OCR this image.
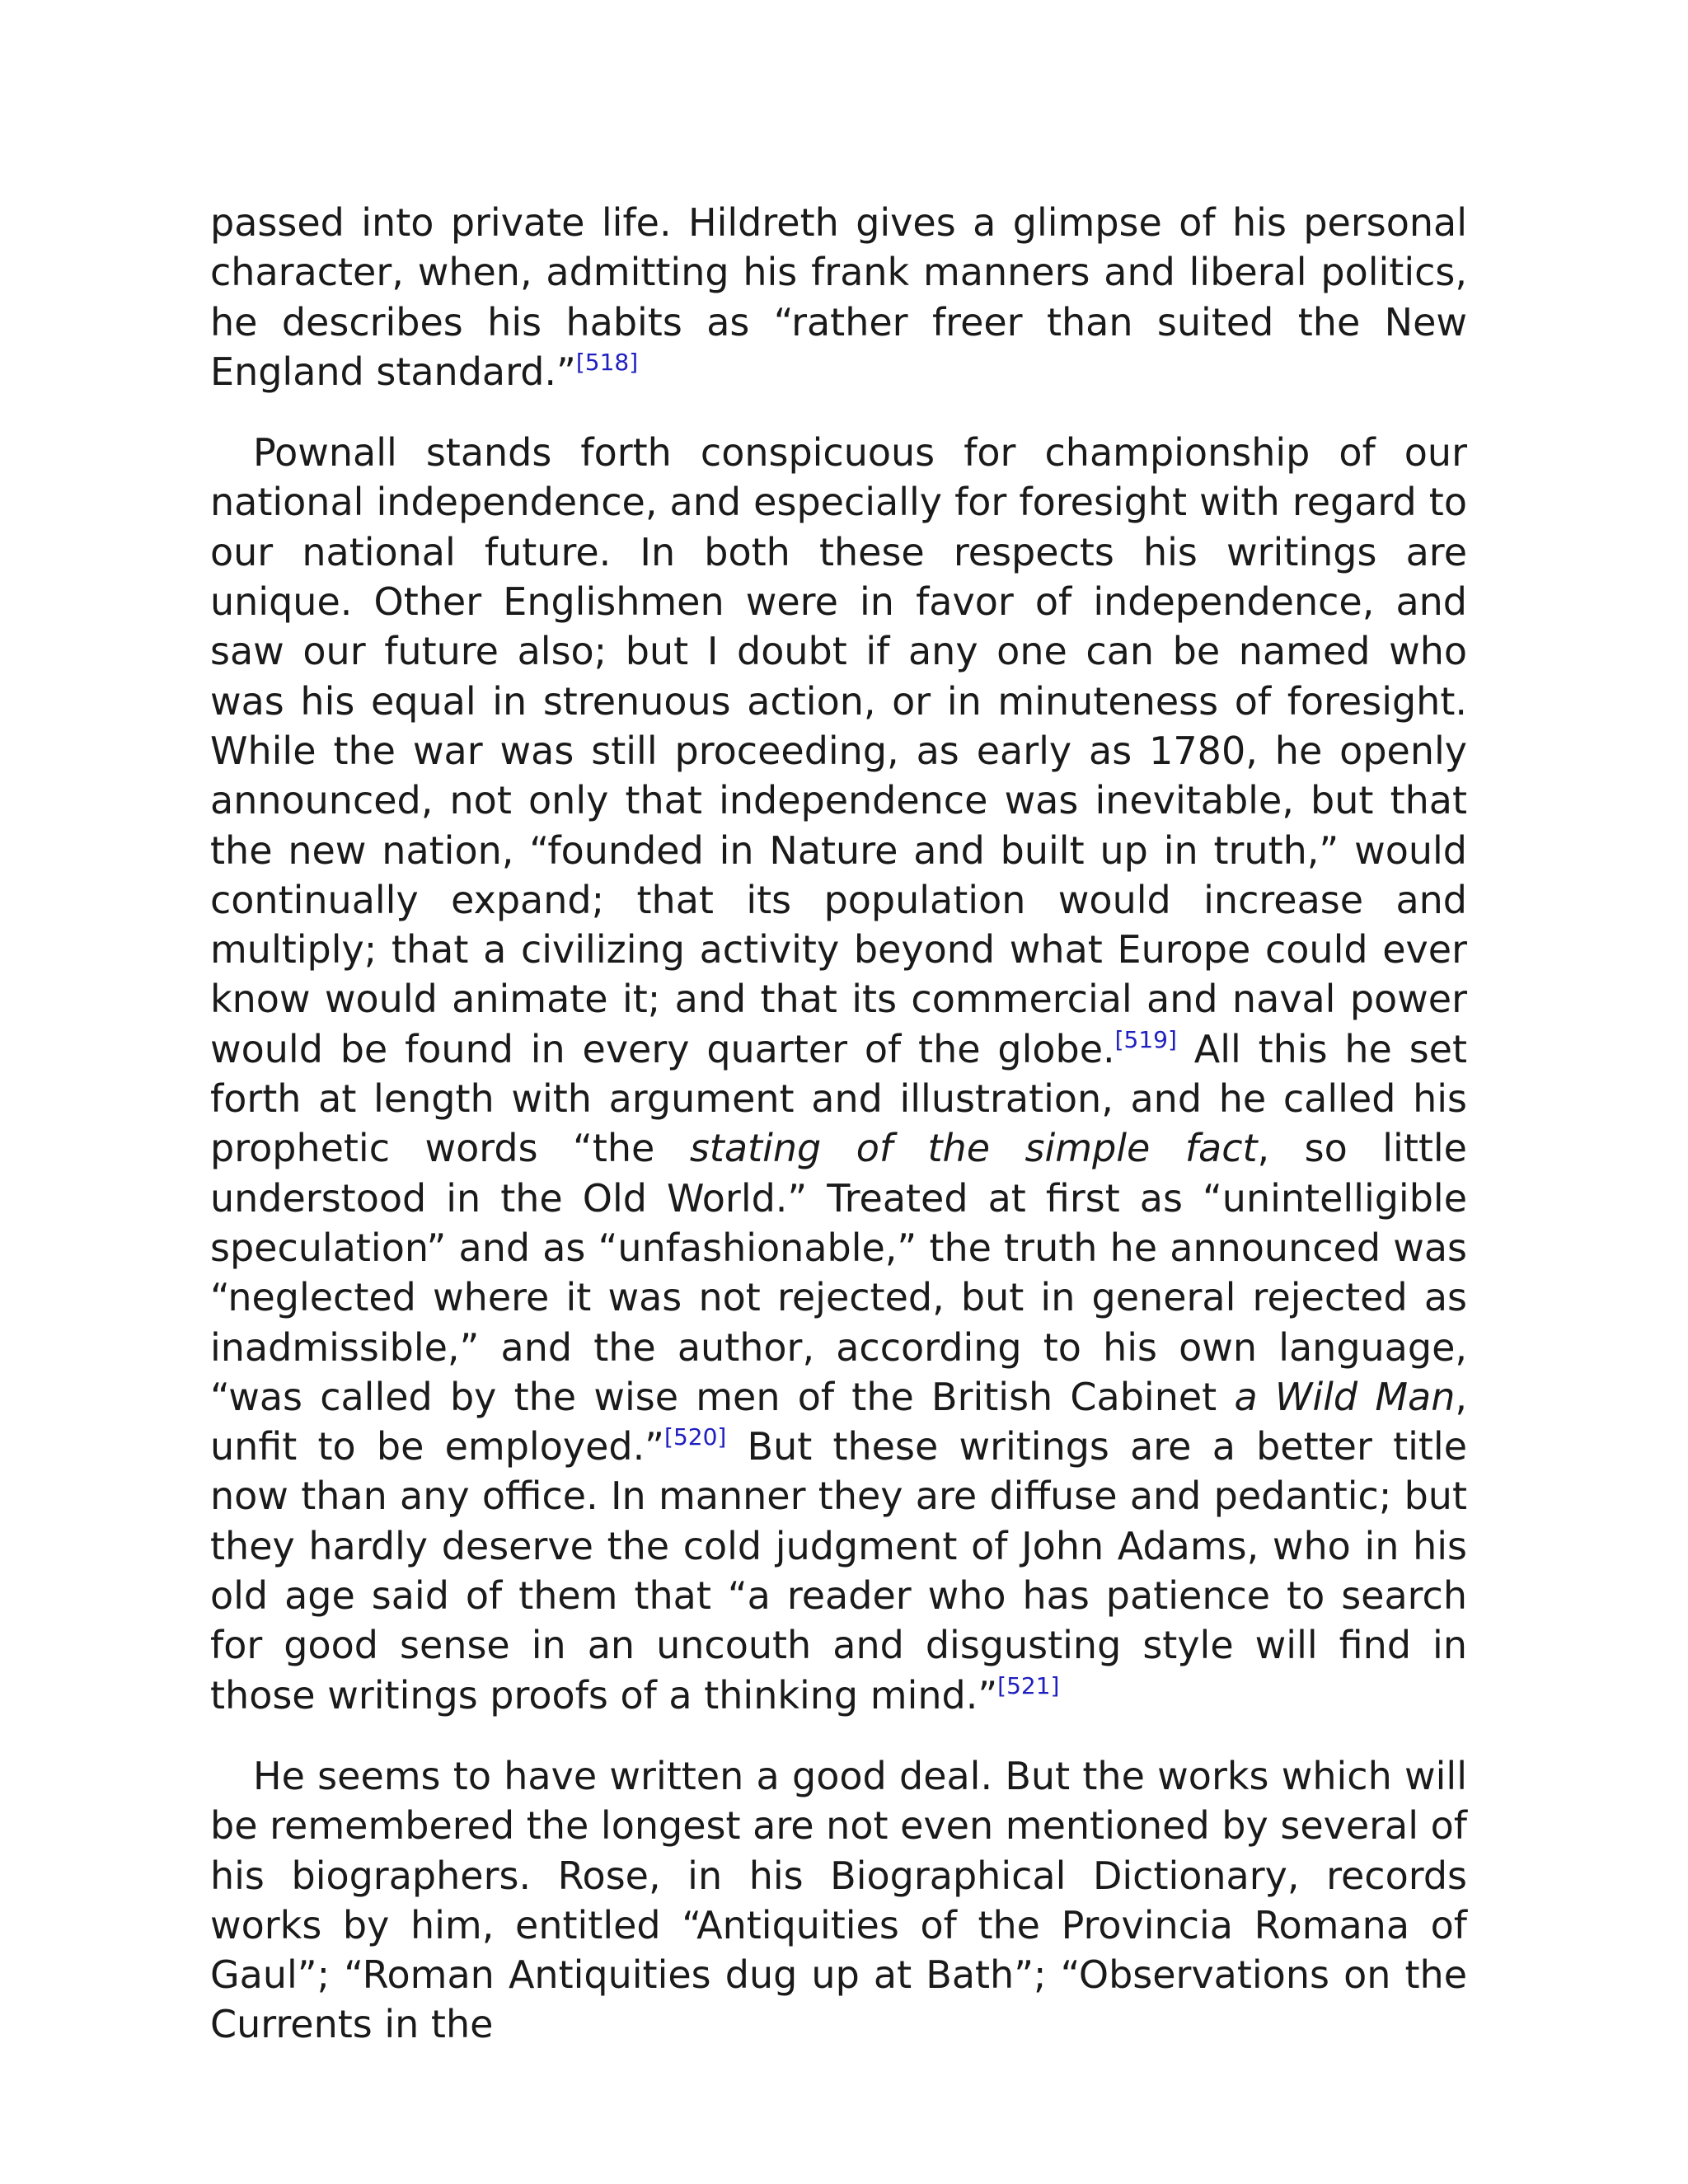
passed into private life. Hildreth gives a glimpse of his personal character, when, admitting his frank manners and liberal politics, he describes his habits as “rather freer than suited the New England standard.”[518]

Pownall stands forth conspicuous for championship of our national independence, and especially for foresight with regard to our national future. In both these respects his writings are unique. Other Englishmen were in favor of independence, and saw our future also; but I doubt if any one can be named who was his equal in strenuous action, or in minuteness of foresight. While the war was still proceeding, as early as 1780, he openly announced, not only that independence was inevitable, but that the new nation, “founded in Nature and built up in truth,” would continually expand; that its population would increase and multiply; that a civilizing activity beyond what Europe could ever know would animate it; and that its commercial and naval power would be found in every quarter of the globe.[519] All this he set forth at length with argument and illustration, and he called his prophetic words “the stating of the simple fact, so little understood in the Old World.” Treated at first as “unintelligible speculation” and as “unfashionable,” the truth he announced was “neglected where it was not rejected, but in general rejected as inadmissible,” and the author, according to his own language, “was called by the wise men of the British Cabinet a Wild Man, unfit to be employed.”[520] But these writings are a better title now than any office. In manner they are diffuse and pedantic; but they hardly deserve the cold judgment of John Adams, who in his old age said of them that “a reader who has patience to search for good sense in an uncouth and disgusting style will find in those writings proofs of a thinking mind.”[521]

He seems to have written a good deal. But the works which will be remembered the longest are not even mentioned by several of his biographers. Rose, in his Biographical Dictionary, records works by him, entitled “Antiquities of the Provincia Romana of Gaul”; “Roman Antiquities dug up at Bath”; “Observations on the Currents in the
